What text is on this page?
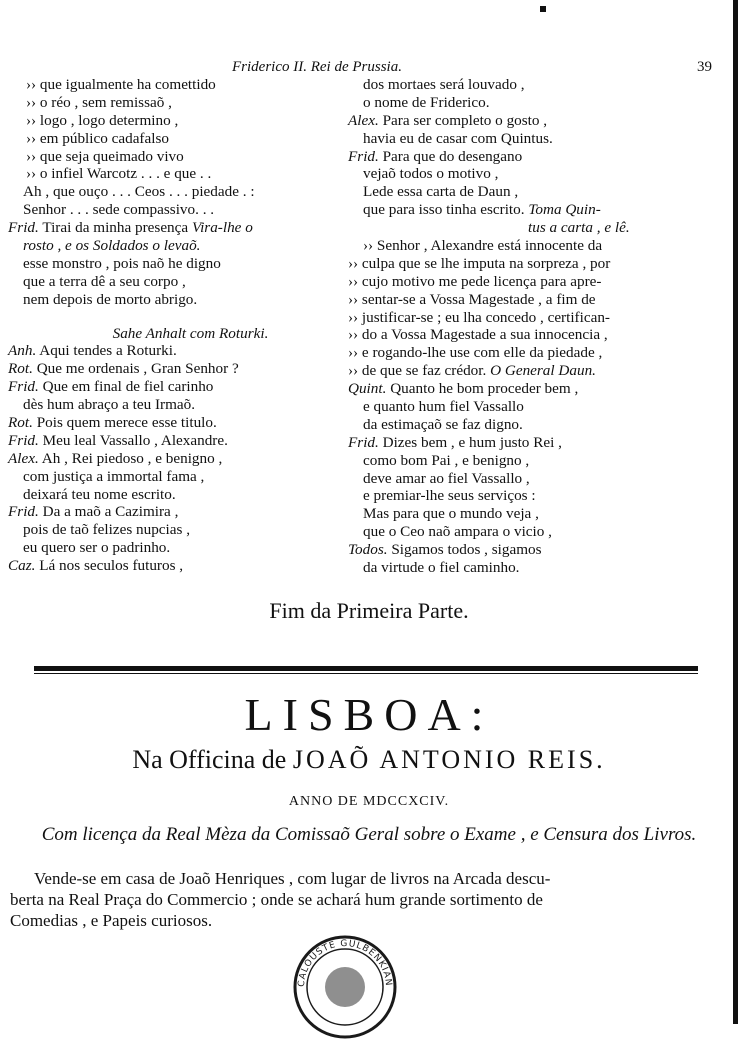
Friderico II. Rei de Prussia.	39
›› que igualmente ha comettido
›› o réo , sem remissaõ ,
›› logo , logo determino ,
›› em público cadafalso
›› que seja queimado vivo
›› o infiel Warcotz . . . e que . .
Ah , que ouço . . . Ceos . . . piedade . :
Senhor . . . sede compassivo. . .
Frid. Tirai da minha presença Vira-lhe o
rosto , e os Soldados o levaõ.
esse monstro , pois naõ he digno
que a terra dê a seu corpo ,
nem depois de morto abrigo.
Sahe Anhalt com Roturki.
Anh. Aqui tendes a Roturki.
Rot. Que me ordenais , Gran Senhor ?
Frid. Que em final de fiel carinho
dès hum abraço a teu Irmaõ.
Rot. Pois quem merece esse titulo.
Frid. Meu leal Vassallo , Alexandre.
Alex. Ah , Rei piedoso , e benigno ,
com justiça a immortal fama ,
deixará teu nome escrito.
Frid. Da a maõ a Cazimira ,
pois de taõ felizes nupcias ,
eu quero ser o padrinho.
Caz. Lá nos seculos futuros ,
dos mortaes será louvado ,
o nome de Friderico.
Alex. Para ser completo o gosto ,
havia eu de casar com Quintus.
Frid. Para que do desengano
vejaõ todos o motivo ,
Lede essa carta de Daun ,
que para isso tinha escrito. Toma Quin-
tus a carta , e lê.
›› Senhor , Alexandre está innocente da
›› culpa que se lhe imputa na sorpreza , por
›› cujo motivo me pede licença para apre-
›› sentar-se a Vossa Magestade , a fim de
›› justificar-se ; eu lha concedo , certifican-
›› do a Vossa Magestade a sua innocencia ,
›› e rogando-lhe use com elle da piedade ,
›› de que se faz crédor. O General Daun.
Quint. Quanto he bom proceder bem ,
e quanto hum fiel Vassallo
da estimaçaõ se faz digno.
Frid. Dizes bem , e hum justo Rei ,
como bom Pai , e benigno ,
deve amar ao fiel Vassallo ,
e premiar-lhe seus serviços :
Mas para que o mundo veja ,
que o Ceo naõ ampara o vicio ,
Todos. Sigamos todos , sigamos
da virtude o fiel caminho.
Fim da Primeira Parte.
LISBOA:
Na Officina de JOAÕ ANTONIO REIS.
ANNO DE MDCCXCIV.
Com licença da Real Mèza da Comissaõ Geral sobre o Exame , e Censura dos Livros.
Vende-se em casa de Joaõ Henriques , com lugar de livros na Arcada descu-
berta na Real Praça do Commercio ; onde se achará hum grande sortimento de
Comedias , e Papeis curiosos.
CALOUSTE GULBENKIAN
